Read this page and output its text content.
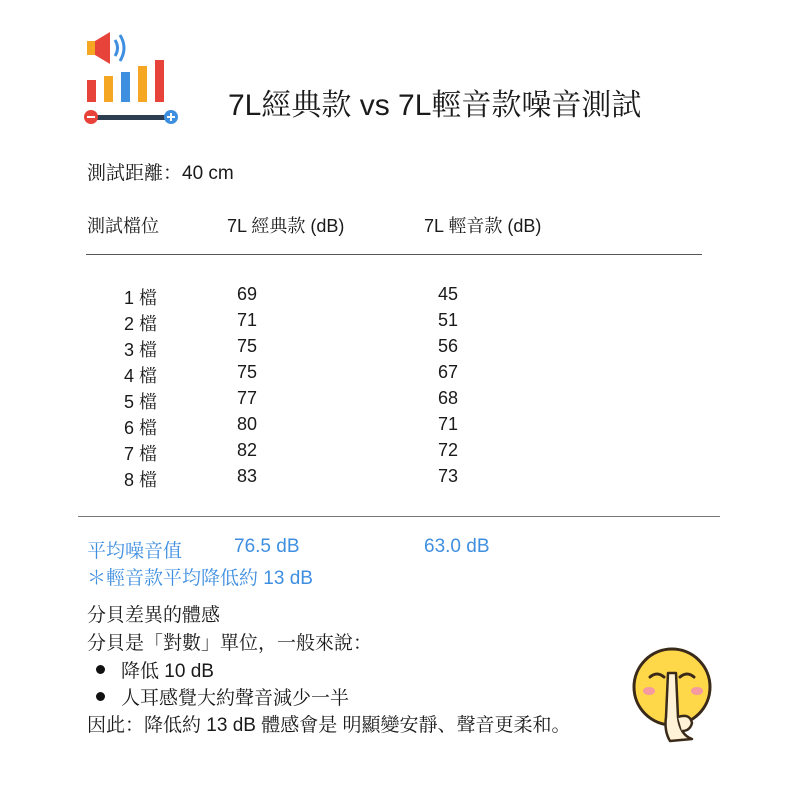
7L經典款 vs 7L輕音款噪音測試
測試距離：40 cm
測試檔位	7L 經典款 (dB)	7L 輕音款 (dB)
1 檔	69	45
2 檔	71	51
3 檔	75	56
4 檔	75	67
5 檔	77	68
6 檔	80	71
7 檔	82	72
8 檔	83	73
平均噪音值	76.5 dB	63.0 dB
＊輕音款平均降低約 13 dB
分貝差異的體感
分貝是「對數」單位，一般來說：
降低 10 dB
人耳感覺大約聲音減少一半
因此：降低約 13 dB 體感會是 明顯變安靜、聲音更柔和。
